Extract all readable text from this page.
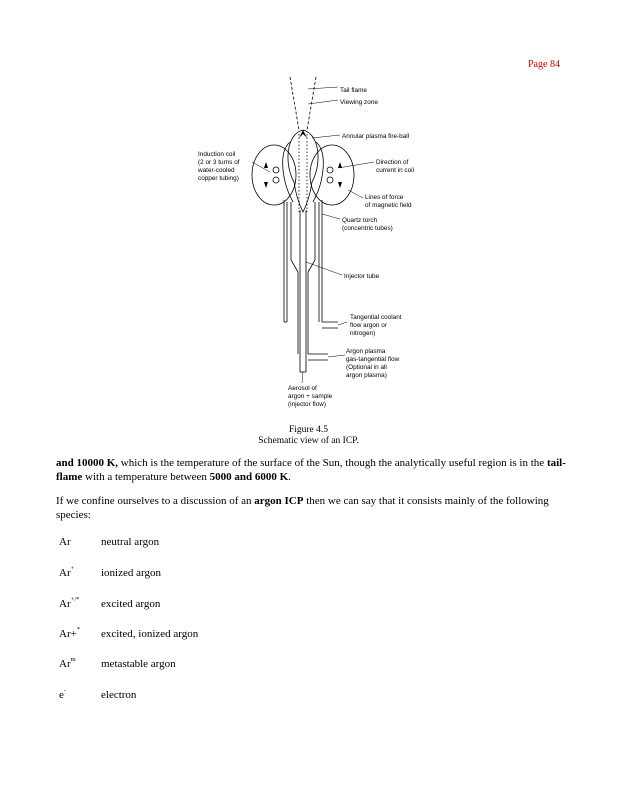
Page 84
Tail flame
Viewing zone
Annular plasma fire-ball
Induction coil
(2 or 3 turns of
water-cooled
copper tubing)
Direction of
current in coil
Lines of force
of magnetic field
Quartz torch
(concentric tubes)
Injector tube
Tangential coolant
flow argon or
nitrogen)
Argon plasma
gas-tangential flow
(Optional in all
argon plasma)
Aerosol of
argon + sample
(injector flow)
Figure 4.5
Schematic view of an ICP.

and 10000 K, which is the temperature of the surface of the Sun, though the analytically useful region is in the tail-flame with a temperature between 5000 and 6000 K.

If we confine ourselves to a discussion of an argon ICP then we can say that it consists mainly of the following species:

Ar	neutral argon
Ar+	ionized argon
Ar+/*	excited argon
Ar+*	excited, ionized argon
Ar$^m$	metastable argon
e-	electron
